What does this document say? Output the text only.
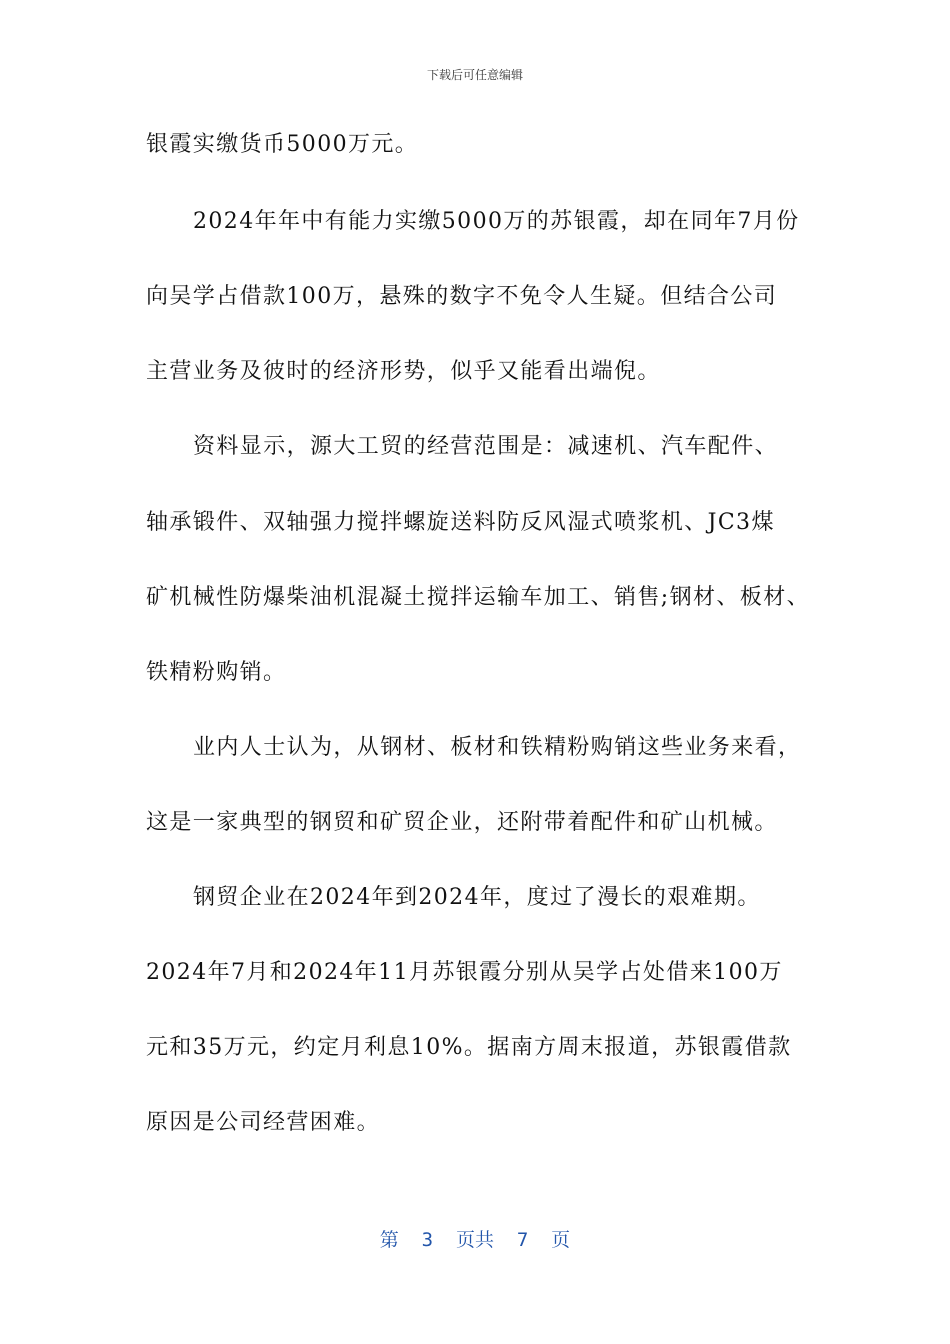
下载后可任意编辑
银霞实缴货币5000万元。
2024年年中有能力实缴5000万的苏银霞，却在同年7月份
向吴学占借款100万，悬殊的数字不免令人生疑。但结合公司
主营业务及彼时的经济形势，似乎又能看出端倪。
资料显示，源大工贸的经营范围是：减速机、汽车配件、
轴承锻件、双轴强力搅拌螺旋送料防反风湿式喷浆机、JC3煤
矿机械性防爆柴油机混凝土搅拌运输车加工、销售;钢材、板材、
铁精粉购销。
业内人士认为，从钢材、板材和铁精粉购销这些业务来看，
这是一家典型的钢贸和矿贸企业，还附带着配件和矿山机械。
钢贸企业在2024年到2024年，度过了漫长的艰难期。
2024年7月和2024年11月苏银霞分别从吴学占处借来100万
元和35万元，约定月利息10%。据南方周末报道，苏银霞借款
原因是公司经营困难。
第  3  页共  7  页
